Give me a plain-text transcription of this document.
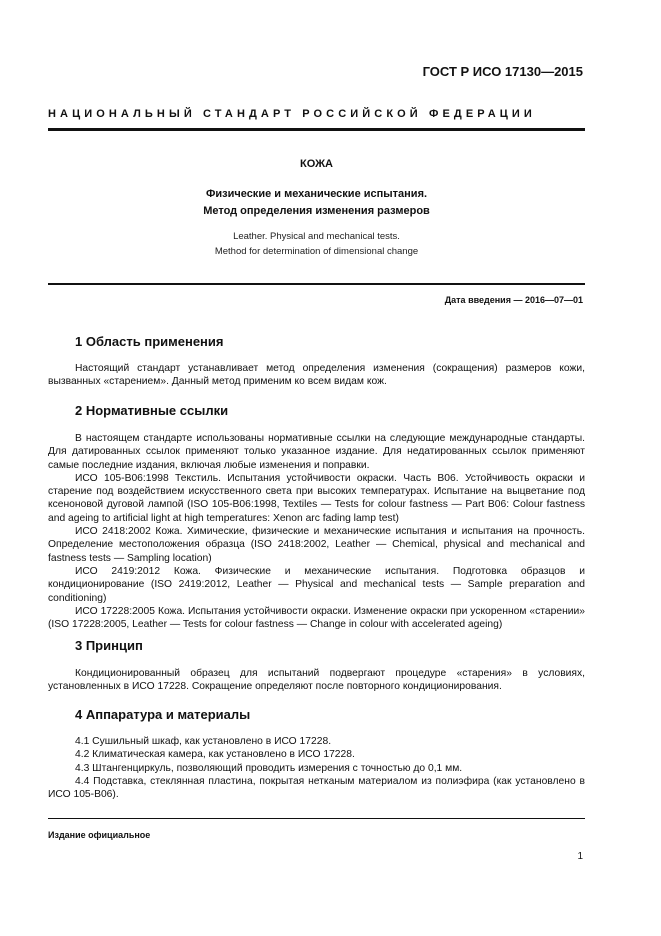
ГОСТ Р ИСО 17130—2015
НАЦИОНАЛЬНЫЙ СТАНДАРТ РОССИЙСКОЙ ФЕДЕРАЦИИ
КОЖА
Физические и механические испытания.
Метод определения изменения размеров
Leather. Physical and mechanical tests.
Method for determination of dimensional change
Дата введения — 2016—07—01
1 Область применения

Настоящий стандарт устанавливает метод определения изменения (сокращения) размеров кожи, вызванных «старением». Данный метод применим ко всем видам кож.

2 Нормативные ссылки

В настоящем стандарте использованы нормативные ссылки на следующие международные стандарты. Для датированных ссылок применяют только указанное издание. Для недатированных ссылок применяют самые последние издания, включая любые изменения и поправки.

ИСО 105-B06:1998 Текстиль. Испытания устойчивости окраски. Часть B06. Устойчивость окраски и старение под воздействием искусственного света при высоких температурах. Испытание на выцветание под ксеноновой дуговой лампой (ISO 105-B06:1998, Textiles — Tests for colour fastness — Part B06: Colour fastness and ageing to artificial light at high temperatures: Xenon arc fading lamp test)

ИСО 2418:2002 Кожа. Химические, физические и механические испытания и испытания на прочность. Определение местоположения образца (ISO 2418:2002, Leather — Chemical, physical and mechanical and fastness tests — Sampling location)

ИСО 2419:2012 Кожа. Физические и механические испытания. Подготовка образцов и кондиционирование (ISO 2419:2012, Leather — Physical and mechanical tests — Sample preparation and conditioning)

ИСО 17228:2005 Кожа. Испытания устойчивости окраски. Изменение окраски при ускоренном «старении» (ISO 17228:2005, Leather — Tests for colour fastness — Change in colour with accelerated ageing)

3 Принцип

Кондиционированный образец для испытаний подвергают процедуре «старения» в условиях, установленных в ИСО 17228. Сокращение определяют после повторного кондиционирования.

4 Аппаратура и материалы

4.1 Сушильный шкаф, как установлено в ИСО 17228.

4.2 Климатическая камера, как установлено в ИСО 17228.

4.3 Штангенциркуль, позволяющий проводить измерения с точностью до 0,1 мм.

4.4 Подставка, стеклянная пластина, покрытая нетканым материалом из полиэфира (как установлено в ИСО 105-B06).

Издание официальное
1
